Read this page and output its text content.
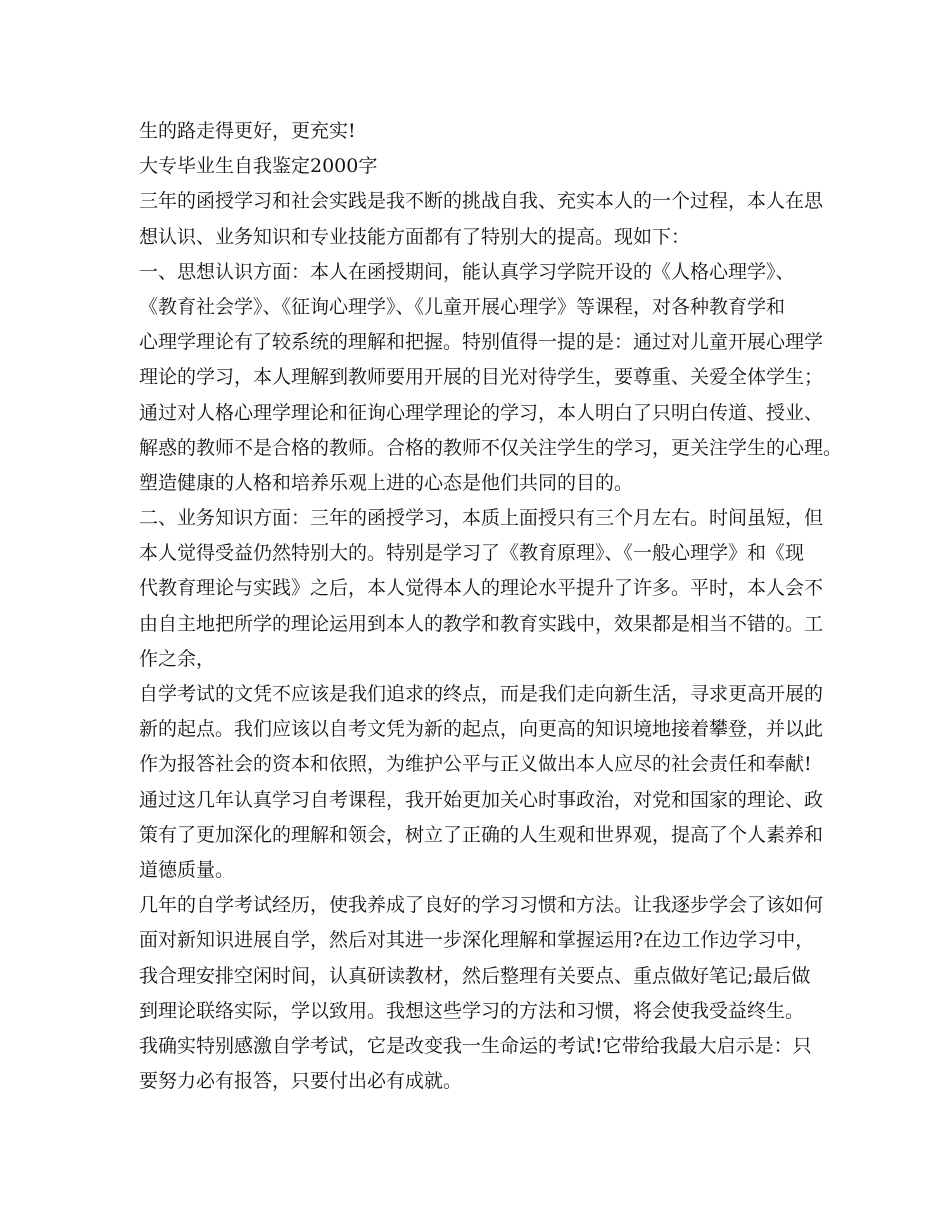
生的路走得更好，更充实!
大专毕业生自我鉴定2000字
三年的函授学习和社会实践是我不断的挑战自我、充实本人的一个过程，本人在思
想认识、业务知识和专业技能方面都有了特别大的提高。现如下：
一、思想认识方面：本人在函授期间，能认真学习学院开设的《人格心理学》、
《教育社会学》、《征询心理学》、《儿童开展心理学》等课程，对各种教育学和
心理学理论有了较系统的理解和把握。特别值得一提的是：通过对儿童开展心理学
理论的学习，本人理解到教师要用开展的目光对待学生，要尊重、关爱全体学生；
通过对人格心理学理论和征询心理学理论的学习，本人明白了只明白传道、授业、
解惑的教师不是合格的教师。合格的教师不仅关注学生的学习，更关注学生的心理。
塑造健康的人格和培养乐观上进的心态是他们共同的目的。
二、业务知识方面：三年的函授学习，本质上面授只有三个月左右。时间虽短，但
本人觉得受益仍然特别大的。特别是学习了《教育原理》、《一般心理学》和《现
代教育理论与实践》之后，本人觉得本人的理论水平提升了许多。平时，本人会不
由自主地把所学的理论运用到本人的教学和教育实践中，效果都是相当不错的。工
作之余，
自学考试的文凭不应该是我们追求的终点，而是我们走向新生活，寻求更高开展的
新的起点。我们应该以自考文凭为新的起点，向更高的知识境地接着攀登，并以此
作为报答社会的资本和依照，为维护公平与正义做出本人应尽的社会责任和奉献!
通过这几年认真学习自考课程，我开始更加关心时事政治，对党和国家的理论、政
策有了更加深化的理解和领会，树立了正确的人生观和世界观，提高了个人素养和
道德质量。
几年的自学考试经历，使我养成了良好的学习习惯和方法。让我逐步学会了该如何
面对新知识进展自学，然后对其进一步深化理解和掌握运用?在边工作边学习中，
我合理安排空闲时间，认真研读教材，然后整理有关要点、重点做好笔记;最后做
到理论联络实际，学以致用。我想这些学习的方法和习惯，将会使我受益终生。
我确实特别感激自学考试，它是改变我一生命运的考试!它带给我最大启示是：只
要努力必有报答，只要付出必有成就。
